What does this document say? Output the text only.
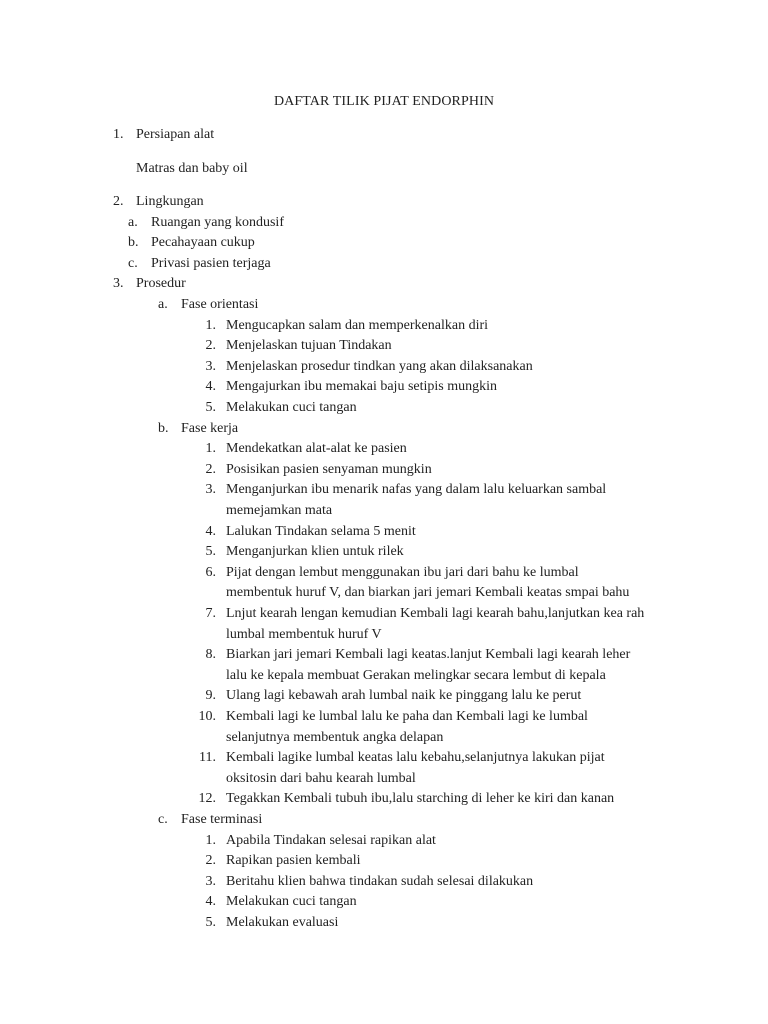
DAFTAR TILIK PIJAT ENDORPHIN
1. Persiapan alat
Matras dan baby oil
2. Lingkungan
a. Ruangan yang kondusif
b. Pecahayaan cukup
c. Privasi pasien terjaga
3. Prosedur
a. Fase orientasi
1. Mengucapkan salam dan memperkenalkan diri
2. Menjelaskan tujuan Tindakan
3. Menjelaskan prosedur tindkan yang akan dilaksanakan
4. Mengajurkan ibu memakai baju setipis mungkin
5. Melakukan cuci tangan
b. Fase kerja
1. Mendekatkan alat-alat ke pasien
2. Posisikan pasien senyaman mungkin
3. Menganjurkan ibu menarik nafas yang dalam lalu keluarkan sambal
memejamkan mata
4. Lalukan Tindakan selama 5 menit
5. Menganjurkan klien untuk rilek
6. Pijat dengan lembut menggunakan ibu jari dari bahu ke lumbal
membentuk huruf V, dan biarkan jari jemari Kembali keatas smpai bahu
7. Lnjut kearah lengan kemudian Kembali lagi kearah bahu,lanjutkan kea rah
lumbal membentuk huruf V
8. Biarkan jari jemari Kembali lagi keatas.lanjut Kembali lagi kearah leher
lalu ke kepala membuat Gerakan melingkar secara lembut di kepala
9. Ulang lagi kebawah arah lumbal naik ke pinggang lalu ke perut
10. Kembali lagi ke lumbal lalu ke paha dan Kembali lagi ke lumbal
selanjutnya membentuk angka delapan
11. Kembali lagike lumbal keatas lalu kebahu,selanjutnya lakukan pijat
oksitosin dari bahu kearah lumbal
12. Tegakkan Kembali tubuh ibu,lalu starching di leher ke kiri dan kanan
c. Fase terminasi
1. Apabila Tindakan selesai rapikan alat
2. Rapikan pasien kembali
3. Beritahu klien bahwa tindakan sudah selesai dilakukan
4. Melakukan cuci tangan
5. Melakukan evaluasi
